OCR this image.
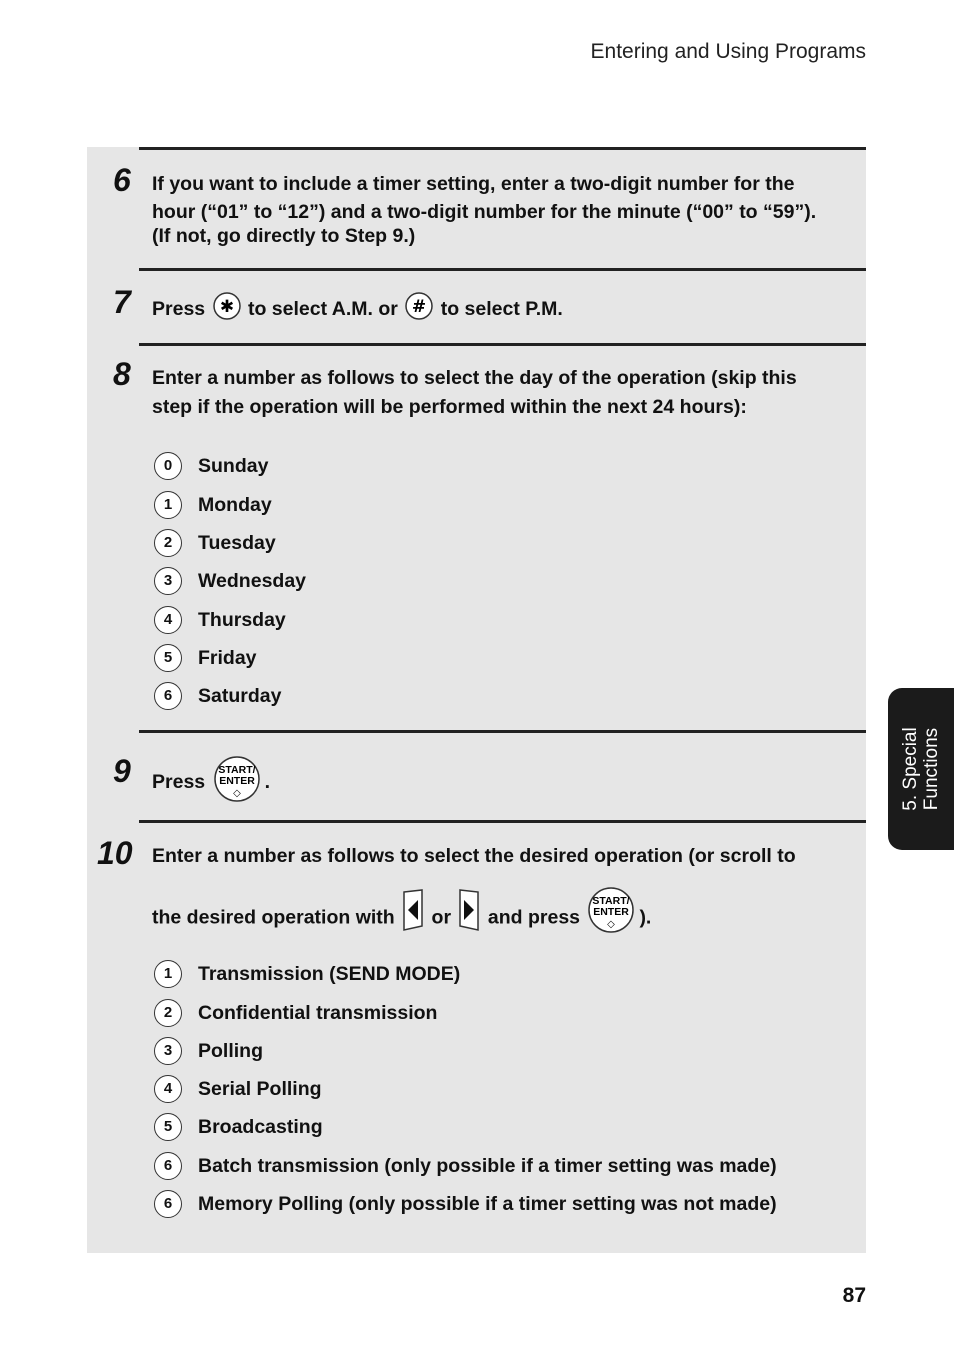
Entering and Using Programs
6 If you want to include a timer setting, enter a two-digit number for the
hour (“01” to “12”) and a two-digit number for the minute (“00” to “59”).
(If not, go directly to Step 9.)
7 Press ✱ to select A.M. or # to select P.M.
8 Enter a number as follows to select the day of the operation (skip this
step if the operation will be performed within the next 24 hours):
0	Sunday
1	Monday
2	Tuesday
3	Wednesday
4	Thursday
5	Friday
6	Saturday
9 Press
START/
ENTER
◇
.
10 Enter a number as follows to select the desired operation (or scroll to
the desired operation with or and press
START/
ENTER
◇ ).
1	Transmission (SEND MODE)
2	Confidential transmission
3	Polling
4	Serial Polling
5	Broadcasting
6	Batch transmission (only possible if a timer setting was made)
6	Memory Polling (only possible if a timer setting was not made)
5. Special Functions
87
